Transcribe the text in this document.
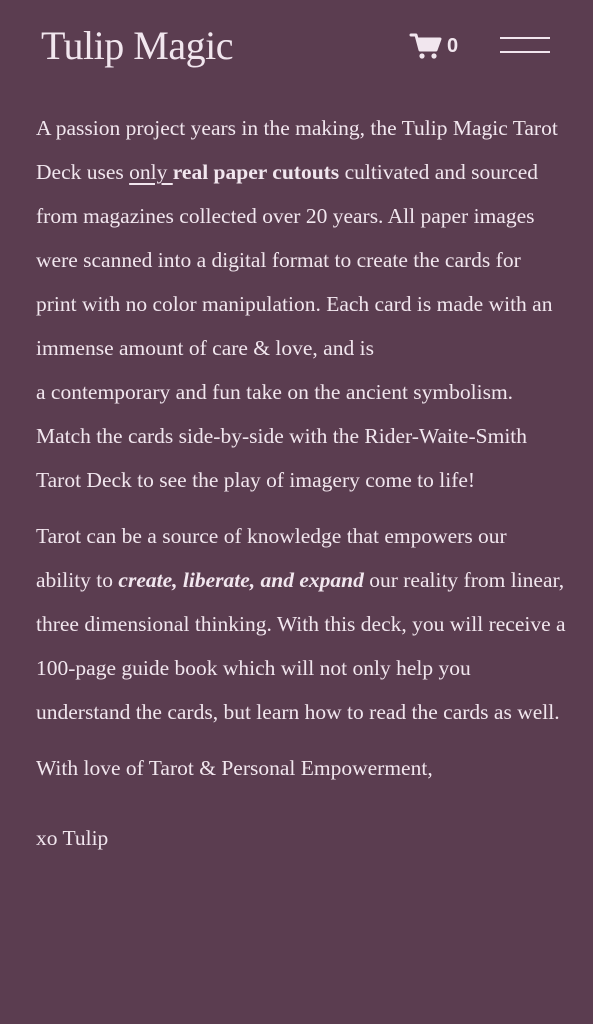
Tulip Magic	0

A passion project years in the making, the Tulip Magic Tarot Deck uses only real paper cutouts cultivated and sourced from magazines collected over 20 years. All paper images were scanned into a digital format to create the cards for print with no color manipulation. Each card is made with an immense amount of care & love, and is
a contemporary and fun take on the ancient symbolism. Match the cards side-by-side with the Rider-Waite-Smith Tarot Deck to see the play of imagery come to life!

Tarot can be a source of knowledge that empowers our ability to create, liberate, and expand our reality from linear, three dimensional thinking. With this deck, you will receive a 100-page guide book which will not only help you understand the cards, but learn how to read the cards as well.

With love of Tarot & Personal Empowerment,

xo Tulip
